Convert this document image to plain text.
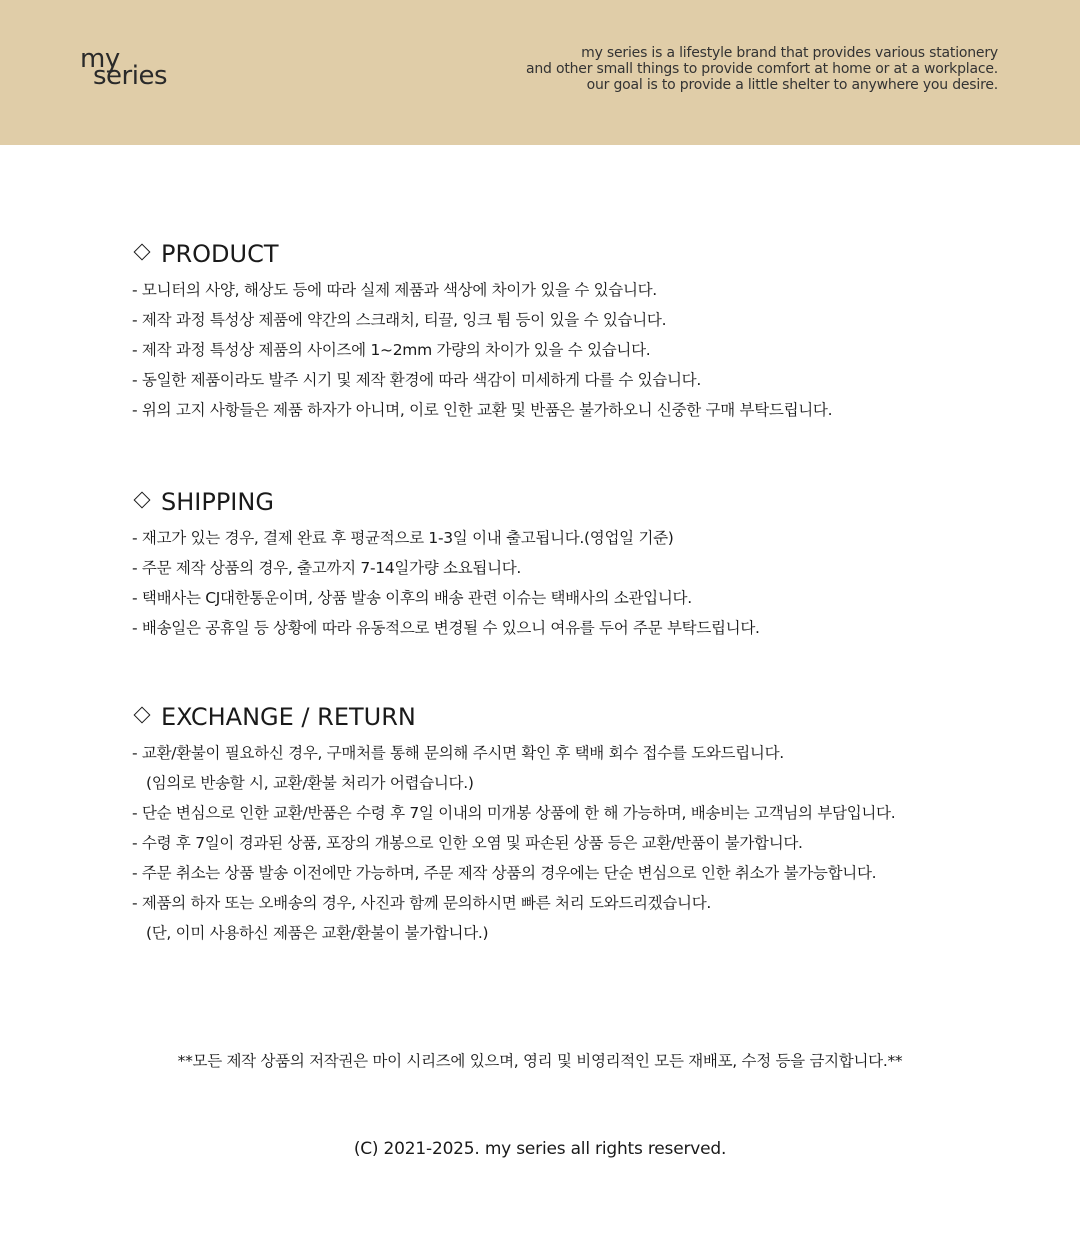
my
series
my series is a lifestyle brand that provides various stationery
and other small things to provide comfort at home or at a workplace.
our goal is to provide a little shelter to anywhere you desire.
PRODUCT
- 모니터의 사양, 해상도 등에 따라 실제 제품과 색상에 차이가 있을 수 있습니다.
- 제작 과정 특성상 제품에 약간의 스크래치, 티끌, 잉크 튐 등이 있을 수 있습니다.
- 제작 과정 특성상 제품의 사이즈에 1~2mm 가량의 차이가 있을 수 있습니다.
- 동일한 제품이라도 발주 시기 및 제작 환경에 따라 색감이 미세하게 다를 수 있습니다.
- 위의 고지 사항들은 제품 하자가 아니며, 이로 인한 교환 및 반품은 불가하오니 신중한 구매 부탁드립니다.
SHIPPING
- 재고가 있는 경우, 결제 완료 후 평균적으로 1-3일 이내 출고됩니다.(영업일 기준)
- 주문 제작 상품의 경우, 출고까지 7-14일가량 소요됩니다.
- 택배사는 CJ대한통운이며, 상품 발송 이후의 배송 관련 이슈는 택배사의 소관입니다.
- 배송일은 공휴일 등 상황에 따라 유동적으로 변경될 수 있으니 여유를 두어 주문 부탁드립니다.
EXCHANGE / RETURN
- 교환/환불이 필요하신 경우, 구매처를 통해 문의해 주시면 확인 후 택배 회수 접수를 도와드립니다.
(임의로 반송할 시, 교환/환불 처리가 어렵습니다.)
- 단순 변심으로 인한 교환/반품은 수령 후 7일 이내의 미개봉 상품에 한 해 가능하며, 배송비는 고객님의 부담입니다.
- 수령 후 7일이 경과된 상품, 포장의 개봉으로 인한 오염 및 파손된 상품 등은 교환/반품이 불가합니다.
- 주문 취소는 상품 발송 이전에만 가능하며, 주문 제작 상품의 경우에는 단순 변심으로 인한 취소가 불가능합니다.
- 제품의 하자 또는 오배송의 경우, 사진과 함께 문의하시면 빠른 처리 도와드리겠습니다.
(단, 이미 사용하신 제품은 교환/환불이 불가합니다.)
**모든 제작 상품의 저작권은 마이 시리즈에 있으며, 영리 및 비영리적인 모든 재배포, 수정 등을 금지합니다.**
(C) 2021-2025. my series all rights reserved.
